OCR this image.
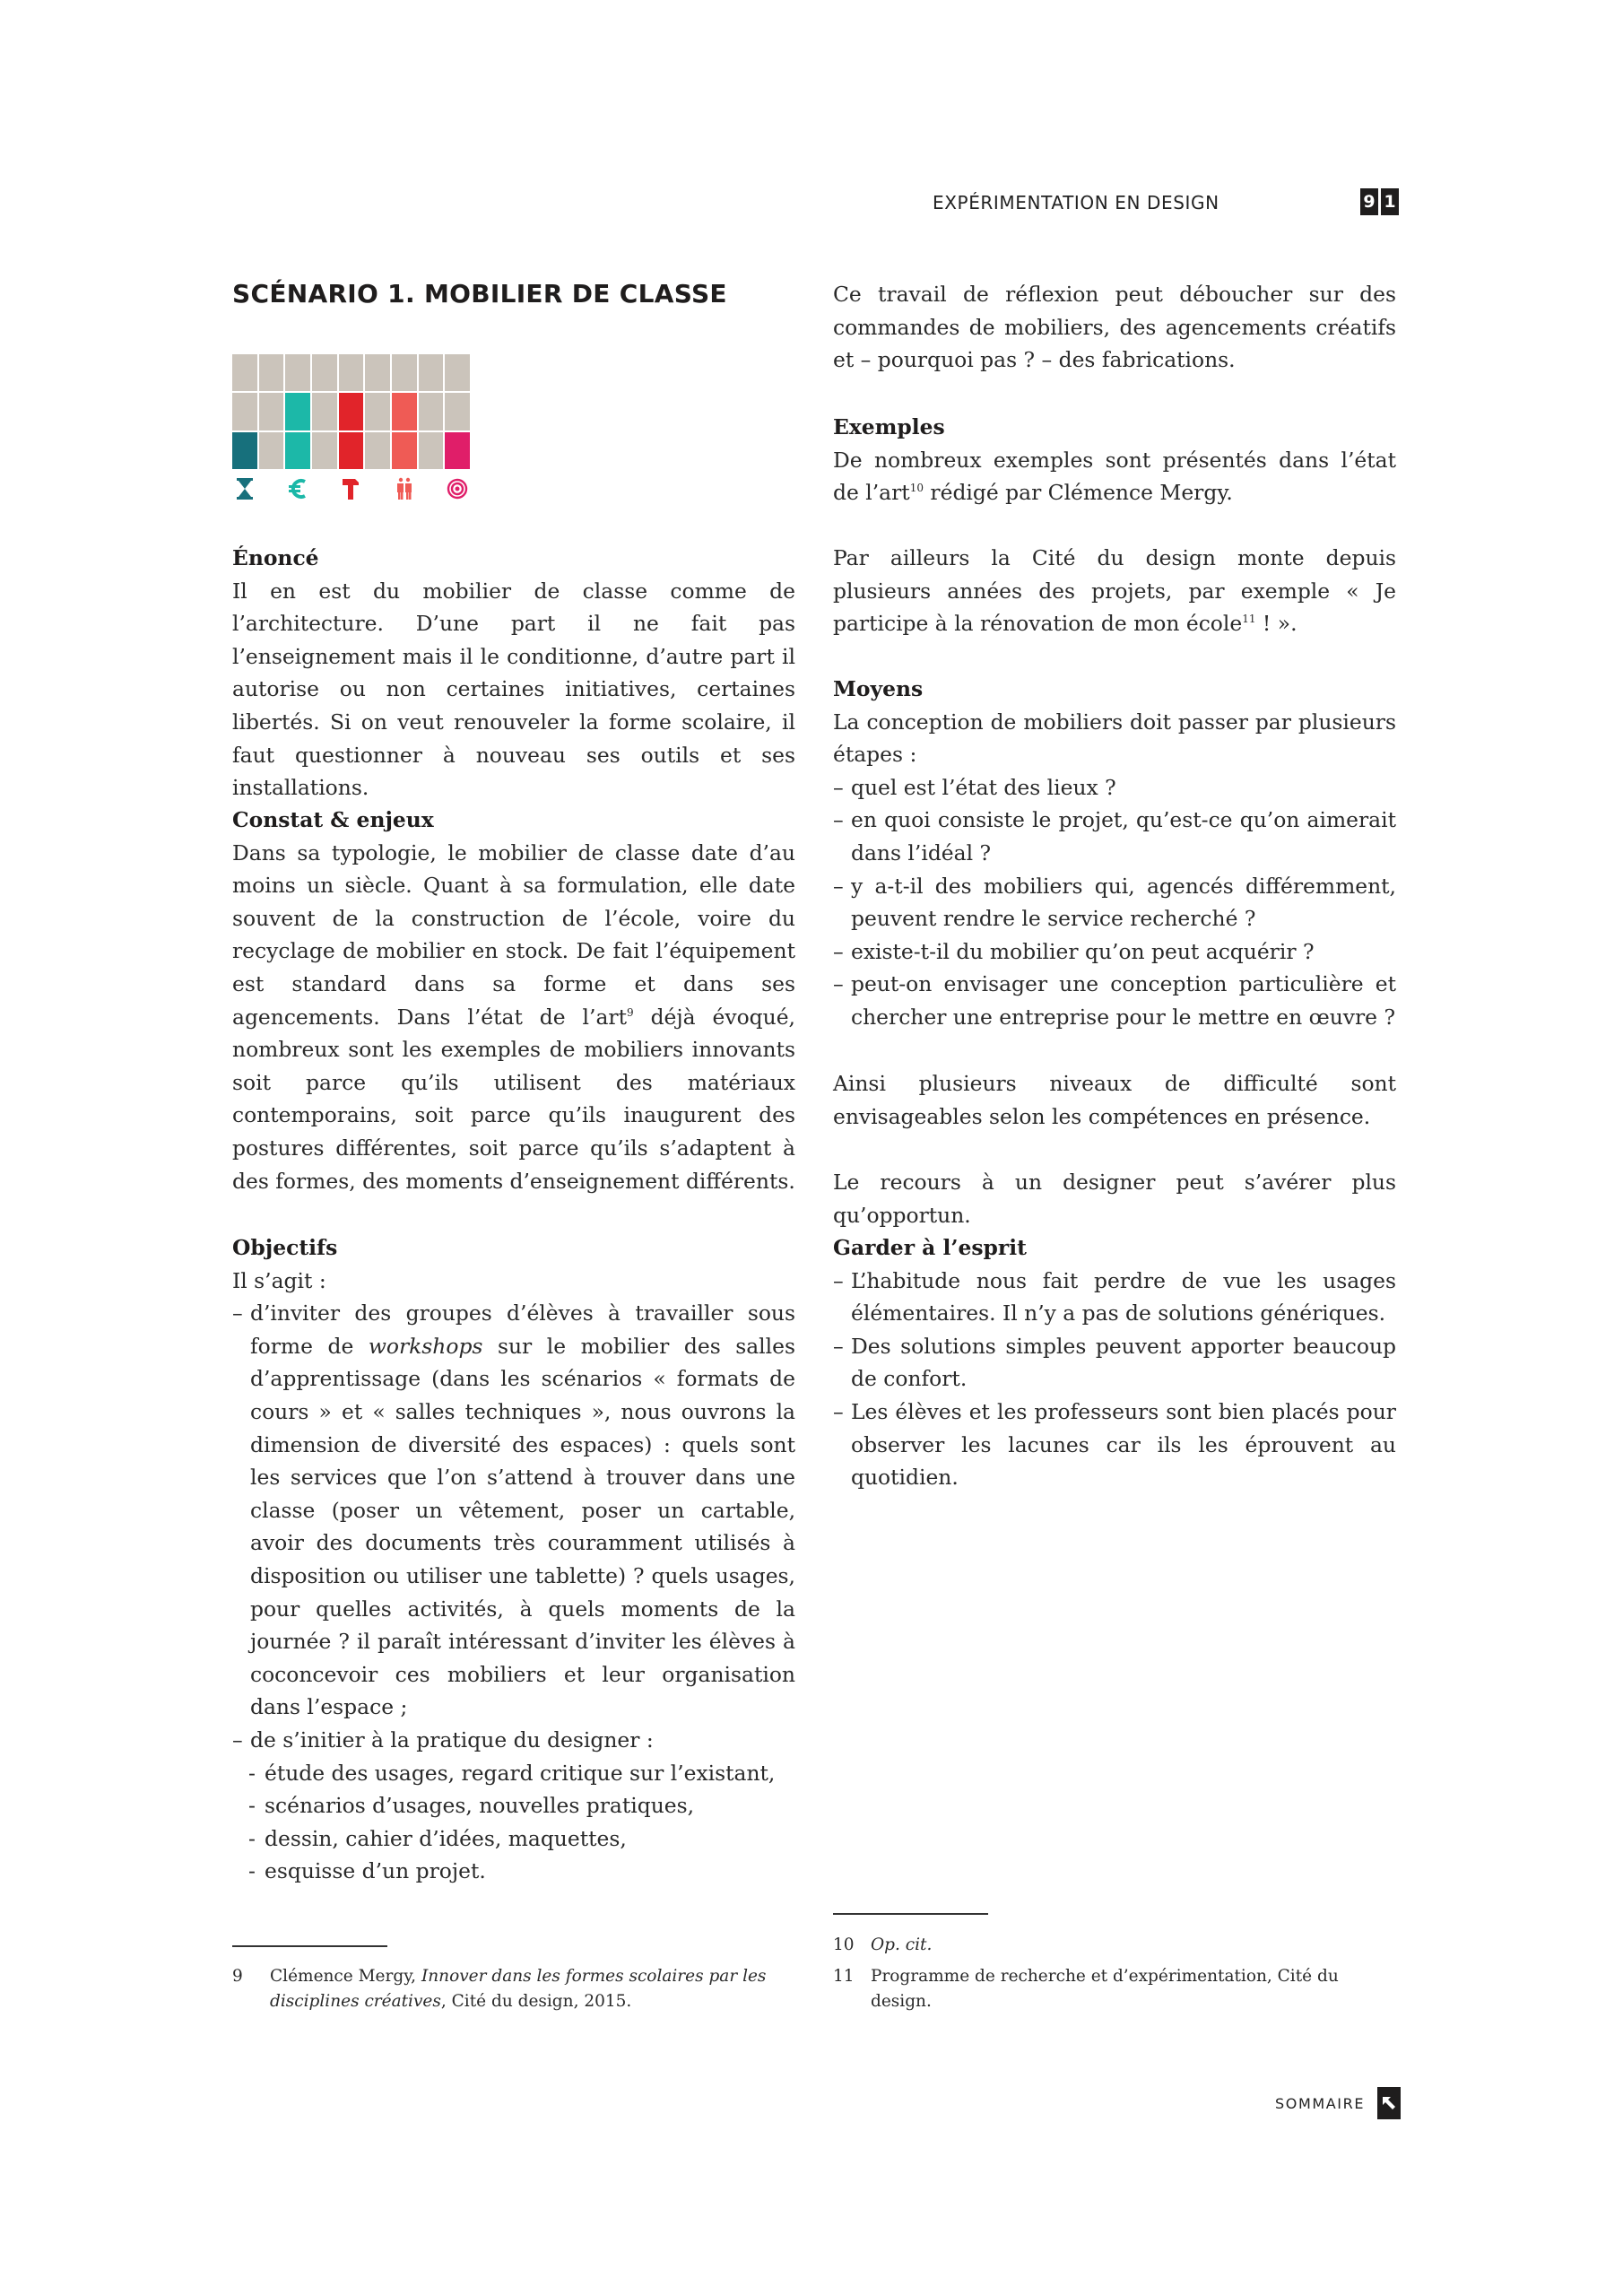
EXPÉRIMENTATION EN DESIGN	9 1
SCÉNARIO 1. MOBILIER DE CLASSE
Énoncé

Il en est du mobilier de classe comme de l’architecture. D’une part il ne fait pas l’enseignement mais il le conditionne, d’autre part il autorise ou non certaines initiatives, certaines libertés. Si on veut renouveler la forme scolaire, il faut questionner à nouveau ses outils et ses installations.

Constat & enjeux

Dans sa typologie, le mobilier de classe date d’au moins un siècle. Quant à sa formulation, elle date souvent de la construction de l’école, voire du recyclage de mobilier en stock. De fait l’équipement est standard dans sa forme et dans ses agencements. Dans l’état de l’art$^9$ déjà évoqué, nombreux sont les exemples de mobiliers innovants soit parce qu’ils utilisent des matériaux contemporains, soit parce qu’ils inaugurent des postures différentes, soit parce qu’ils s’adaptent à des formes, des moments d’enseignement différents.

Objectifs

Il s’agit :

– d’inviter des groupes d’élèves à travailler sous forme de workshops sur le mobilier des salles d’apprentissage (dans les scénarios « formats de cours » et « salles techniques », nous ouvrons la dimension de diversité des espaces) : quels sont les services que l’on s’attend à trouver dans une classe (poser un vêtement, poser un cartable, avoir des documents très couramment utilisés à disposition ou utiliser une tablette) ? quels usages, pour quelles activités, à quels moments de la journée ? il paraît intéressant d’inviter les élèves à coconcevoir ces mobiliers et leur organisation dans l’espace ;
– de s’initier à la pratique du designer :
- étude des usages, regard critique sur l’existant,
- scénarios d’usages, nouvelles pratiques,
- dessin, cahier d’idées, maquettes,
- esquisse d’un projet.
9 Clémence Mergy, Innover dans les formes scolaires par les disciplines créatives, Cité du design, 2015.

Ce travail de réflexion peut déboucher sur des commandes de mobiliers, des agencements créatifs et – pourquoi pas ? – des fabrications.

Exemples

De nombreux exemples sont présentés dans l’état de l’art$^{10}$ rédigé par Clémence Mergy.

Par ailleurs la Cité du design monte depuis plusieurs années des projets, par exemple « Je participe à la rénovation de mon école$^{11}$ ! ».

Moyens

La conception de mobiliers doit passer par plusieurs étapes :

– quel est l’état des lieux ?
– en quoi consiste le projet, qu’est-ce qu’on aimerait dans l’idéal ?
– y a-t-il des mobiliers qui, agencés différemment, peuvent rendre le service recherché ?
– existe-t-il du mobilier qu’on peut acquérir ?
– peut-on envisager une conception particulière et chercher une entreprise pour le mettre en œuvre ?

Ainsi plusieurs niveaux de difficulté sont envisageables selon les compétences en présence.

Le recours à un designer peut s’avérer plus qu’opportun.

Garder à l’esprit
– L’habitude nous fait perdre de vue les usages élémentaires. Il n’y a pas de solutions génériques.
– Des solutions simples peuvent apporter beaucoup de confort.
– Les élèves et les professeurs sont bien placés pour observer les lacunes car ils les éprouvent au quotidien.
10 Op. cit.
11 Programme de recherche et d’expérimentation, Cité du design.
SOMMAIRE
